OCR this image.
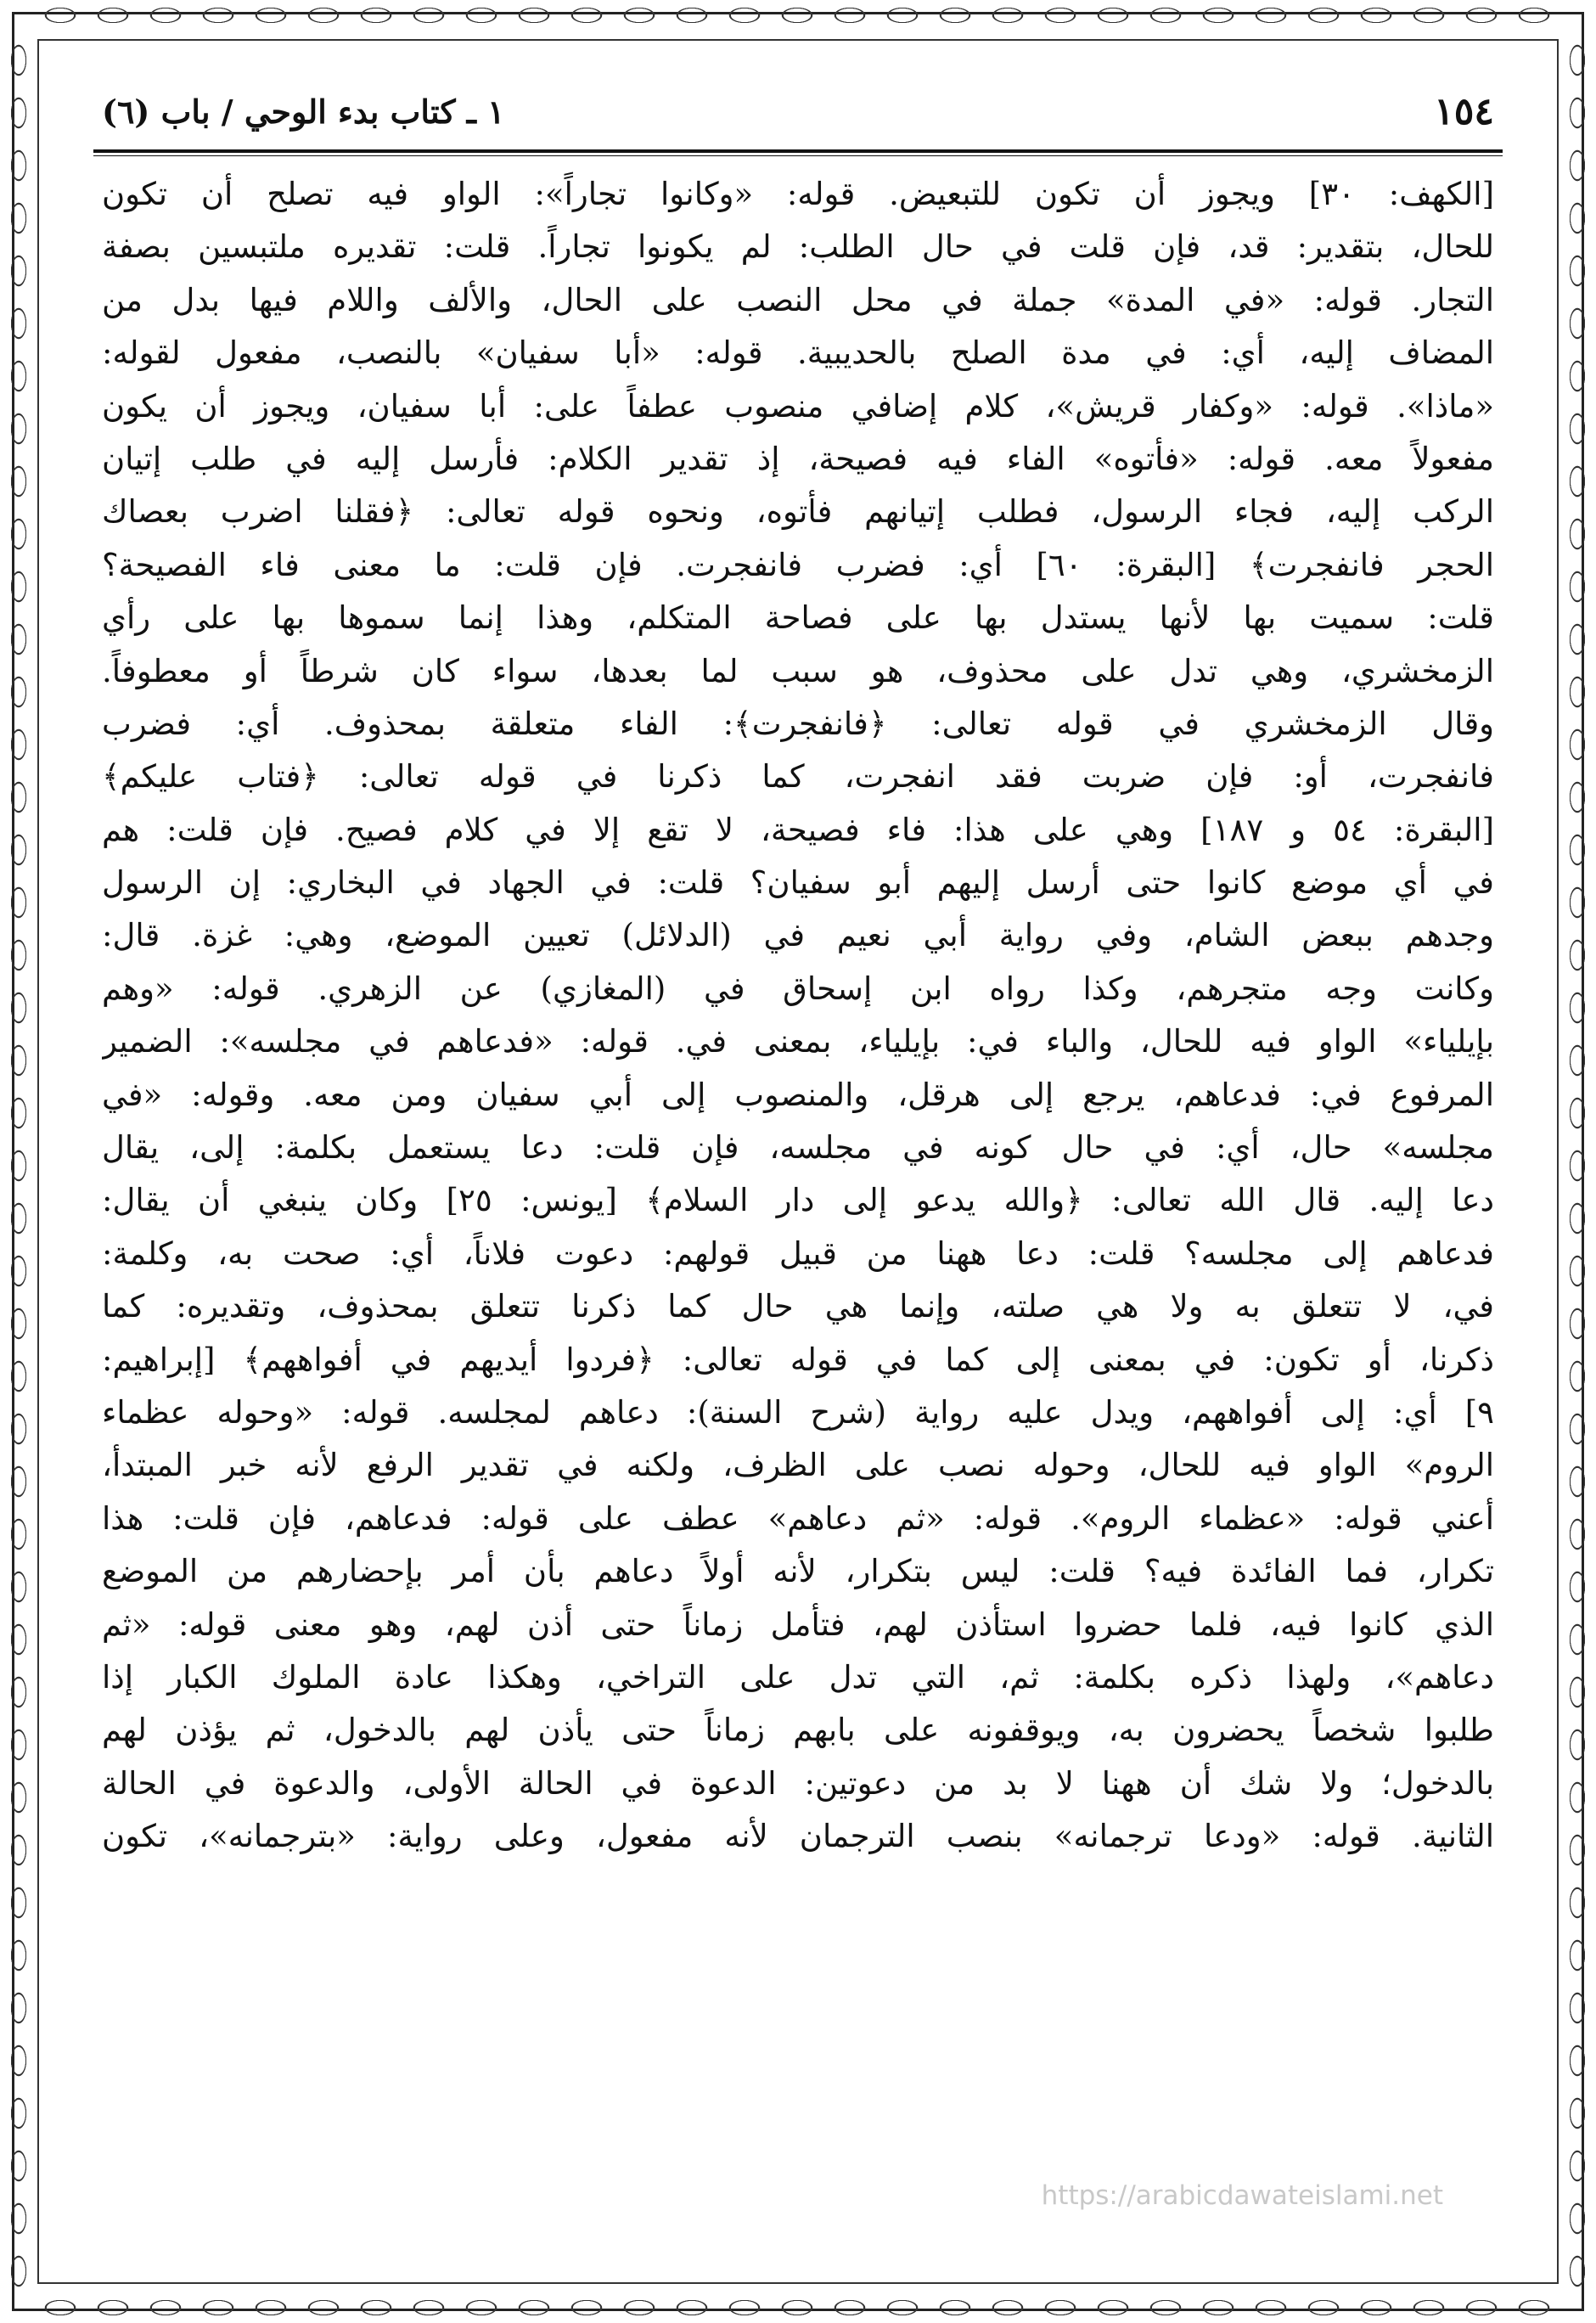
١٥٤
١ ـ كتاب بدء الوحي / باب (٦)
[الكهف: ٣٠] ويجوز أن تكون للتبعيض. قوله: «وكانوا تجاراً»: الواو فيه تصلح أن تكون
للحال، بتقدير: قد، فإن قلت في حال الطلب: لم يكونوا تجاراً. قلت: تقديره ملتبسين بصفة
التجار. قوله: «في المدة» جملة في محل النصب على الحال، والألف واللام فيها بدل من
المضاف إليه، أي: في مدة الصلح بالحديبية. قوله: «أبا سفيان» بالنصب، مفعول لقوله:
«ماذا». قوله: «وكفار قريش»، كلام إضافي منصوب عطفاً على: أبا سفيان، ويجوز أن يكون
مفعولاً معه. قوله: «فأتوه» الفاء فيه فصيحة، إذ تقدير الكلام: فأرسل إليه في طلب إتيان
الركب إليه، فجاء الرسول، فطلب إتيانهم فأتوه، ونحوه قوله تعالى: ﴿فقلنا اضرب بعصاك
الحجر فانفجرت﴾ [البقرة: ٦٠] أي: فضرب فانفجرت. فإن قلت: ما معنى فاء الفصيحة؟
قلت: سميت بها لأنها يستدل بها على فصاحة المتكلم، وهذا إنما سموها بها على رأي
الزمخشري، وهي تدل على محذوف، هو سبب لما بعدها، سواء كان شرطاً أو معطوفاً.
وقال الزمخشري في قوله تعالى: ﴿فانفجرت﴾: الفاء متعلقة بمحذوف. أي: فضرب
فانفجرت، أو: فإن ضربت فقد انفجرت، كما ذكرنا في قوله تعالى: ﴿فتاب عليكم﴾
[البقرة: ٥٤ و ١٨٧] وهي على هذا: فاء فصيحة، لا تقع إلا في كلام فصيح. فإن قلت: هم
في أي موضع كانوا حتى أرسل إليهم أبو سفيان؟ قلت: في الجهاد في البخاري: إن الرسول
وجدهم ببعض الشام، وفي رواية أبي نعيم في (الدلائل) تعيين الموضع، وهي: غزة. قال:
وكانت وجه متجرهم، وكذا رواه ابن إسحاق في (المغازي) عن الزهري. قوله: «وهم
بإيلياء» الواو فيه للحال، والباء في: بإيلياء، بمعنى في. قوله: «فدعاهم في مجلسه»: الضمير
المرفوع في: فدعاهم، يرجع إلى هرقل، والمنصوب إلى أبي سفيان ومن معه. وقوله: «في
مجلسه» حال، أي: في حال كونه في مجلسه، فإن قلت: دعا يستعمل بكلمة: إلى، يقال
دعا إليه. قال الله تعالى: ﴿والله يدعو إلى دار السلام﴾ [يونس: ٢٥] وكان ينبغي أن يقال:
فدعاهم إلى مجلسه؟ قلت: دعا ههنا من قبيل قولهم: دعوت فلاناً، أي: صحت به، وكلمة:
في، لا تتعلق به ولا هي صلته، وإنما هي حال كما ذكرنا تتعلق بمحذوف، وتقديره: كما
ذكرنا، أو تكون: في بمعنى إلى كما في قوله تعالى: ﴿فردوا أيديهم في أفواههم﴾ [إبراهيم:
٩] أي: إلى أفواههم، ويدل عليه رواية (شرح السنة): دعاهم لمجلسه. قوله: «وحوله عظماء
الروم» الواو فيه للحال، وحوله نصب على الظرف، ولكنه في تقدير الرفع لأنه خبر المبتدأ،
أعني قوله: «عظماء الروم». قوله: «ثم دعاهم» عطف على قوله: فدعاهم، فإن قلت: هذا
تكرار، فما الفائدة فيه؟ قلت: ليس بتكرار، لأنه أولاً دعاهم بأن أمر بإحضارهم من الموضع
الذي كانوا فيه، فلما حضروا استأذن لهم، فتأمل زماناً حتى أذن لهم، وهو معنى قوله: «ثم
دعاهم»، ولهذا ذكره بكلمة: ثم، التي تدل على التراخي، وهكذا عادة الملوك الكبار إذا
طلبوا شخصاً يحضرون به، ويوقفونه على بابهم زماناً حتى يأذن لهم بالدخول، ثم يؤذن لهم
بالدخول؛ ولا شك أن ههنا لا بد من دعوتين: الدعوة في الحالة الأولى، والدعوة في الحالة
الثانية. قوله: «ودعا ترجمانه» بنصب الترجمان لأنه مفعول، وعلى رواية: «بترجمانه»، تكون
https://arabicdawateislami.net
